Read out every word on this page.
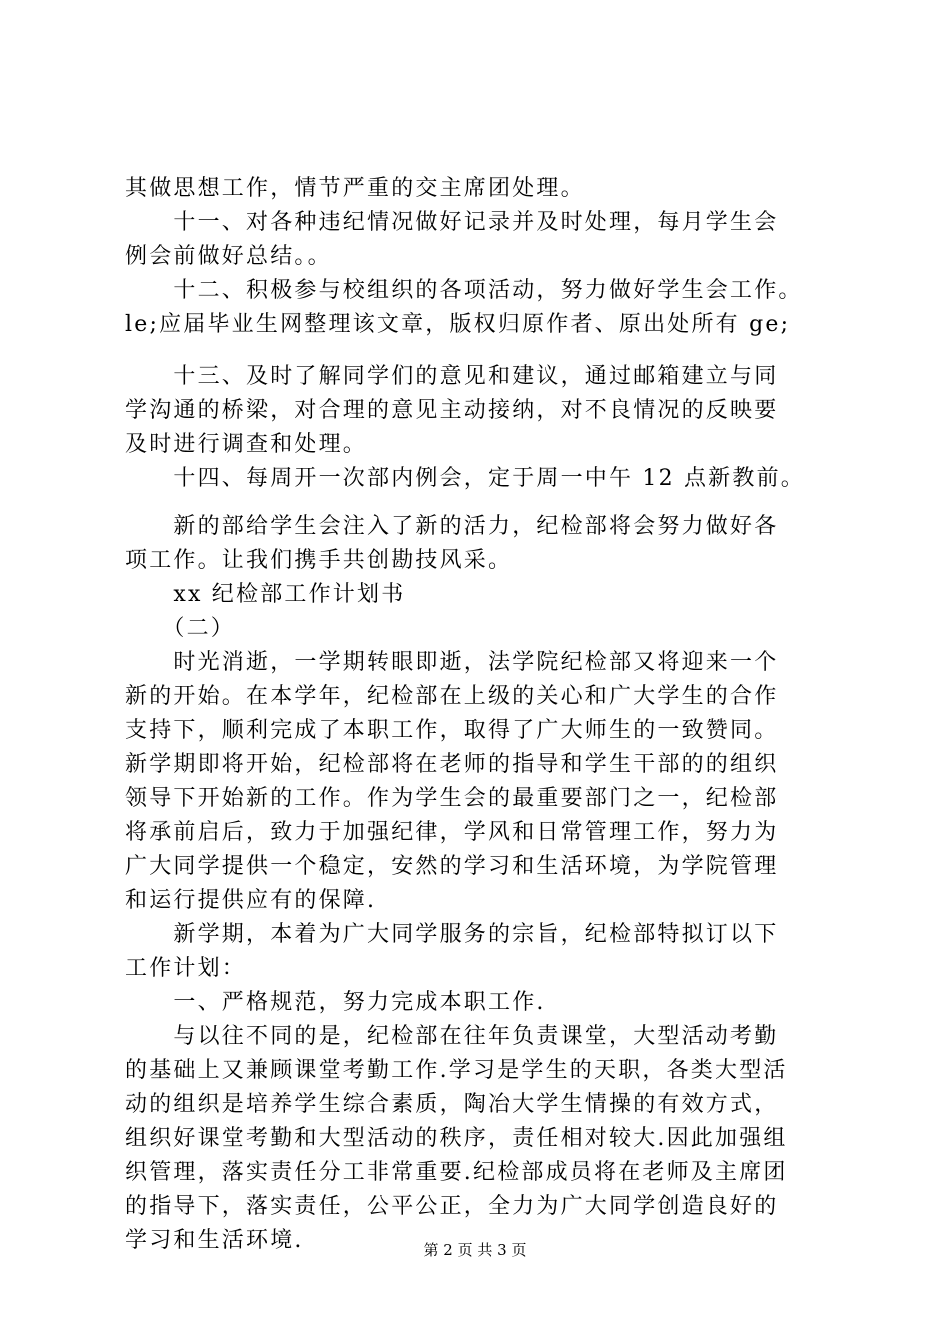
其做思想工作，情节严重的交主席团处理。
　　十一、对各种违纪情况做好记录并及时处理，每月学生会
例会前做好总结。。
　　十二、积极参与校组织的各项活动，努力做好学生会工作。
le;应届毕业生网整理该文章，版权归原作者、原出处所有 ge;
　　十三、及时了解同学们的意见和建议，通过邮箱建立与同
学沟通的桥梁，对合理的意见主动接纳，对不良情况的反映要
及时进行调查和处理。
　　十四、每周开一次部内例会，定于周一中午 12 点新教前。
　　新的部给学生会注入了新的活力，纪检部将会努力做好各
项工作。让我们携手共创勘技风采。
　　xx 纪检部工作计划书
　　（二）
　　时光消逝，一学期转眼即逝，法学院纪检部又将迎来一个
新的开始。在本学年，纪检部在上级的关心和广大学生的合作
支持下，顺利完成了本职工作，取得了广大师生的一致赞同。
新学期即将开始，纪检部将在老师的指导和学生干部的的组织
领导下开始新的工作。作为学生会的最重要部门之一，纪检部
将承前启后，致力于加强纪律，学风和日常管理工作，努力为
广大同学提供一个稳定，安然的学习和生活环境，为学院管理
和运行提供应有的保障.
　　新学期，本着为广大同学服务的宗旨，纪检部特拟订以下
工作计划：
　　一、严格规范，努力完成本职工作.
　　与以往不同的是，纪检部在往年负责课堂，大型活动考勤
的基础上又兼顾课堂考勤工作.学习是学生的天职，各类大型活
动的组织是培养学生综合素质，陶冶大学生情操的有效方式，
组织好课堂考勤和大型活动的秩序，责任相对较大.因此加强组
织管理，落实责任分工非常重要.纪检部成员将在老师及主席团
的指导下，落实责任，公平公正，全力为广大同学创造良好的
学习和生活环境.	第 2 页 共 3 页
